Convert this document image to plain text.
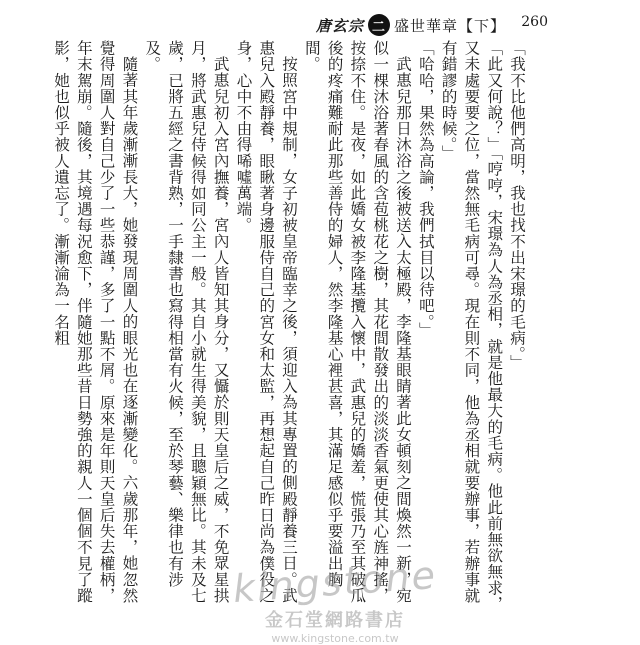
唐玄宗 二 盛世華章【下】 260

「我不比他們高明，我也找不出宋璟的毛病。」

「此又何說？」「哼哼，宋璟為人為丞相，就是他最大的毛病。他此前無欲無求，又未處要要之位，當然無毛病可尋。現在則不同，他為丞相就要辦事，若辦事就有錯謬的時候。」

「哈哈，果然為高論，我們拭目以待吧。」

武惠兒那日沐浴之後被送入太極殿，李隆基眼睛著此女頓刻之間煥然一新，宛似一棵沐浴著春風的含苞桃花之樹，其花間散發出的淡淡香氣更使其心旌神搖，按捺不住。是夜，如此嬌女被李隆基攬入懷中，武惠兒的嬌羞，慌張乃至其破瓜後的疼痛難耐此那些善侍的婦人，然李隆基心裡甚喜，其滿足感似乎要溢出胸間。

按照宮中規制，女子初被皇帝臨幸之後，須迎入為其專置的側殿靜養三日。武惠兒入殿靜養，眼瞅著身邊服侍自己的宮女和太監，再想起自己昨日尚為僕役之身，心中不由得唏噓萬端。

武惠兒初入宮內撫養，宮內人皆知其身分，又懾於則天皇后之威，不免眾星拱月，將武惠兒侍候得如同公主一般。其自小就生得美貌，且聰穎無比。其未及七歲，已將五經之書背熟，一手隸書也寫得相當有火候，至於琴藝、樂律也有涉及。

隨著其年歲漸漸長大，她發現周圍人的眼光也在逐漸變化。六歲那年，她忽然覺得周圍人對自己少了一些恭謹，多了一點不屑。原來是年則天皇后失去權柄，年末駕崩。隨後，其境遇每況愈下，伴隨她那些昔日勢強的親人一個個不見了蹤影，她也似乎被人遺忘了。漸漸淪為一名粗

kingstone
金石堂網路書店
www.kingstone.com.tw
